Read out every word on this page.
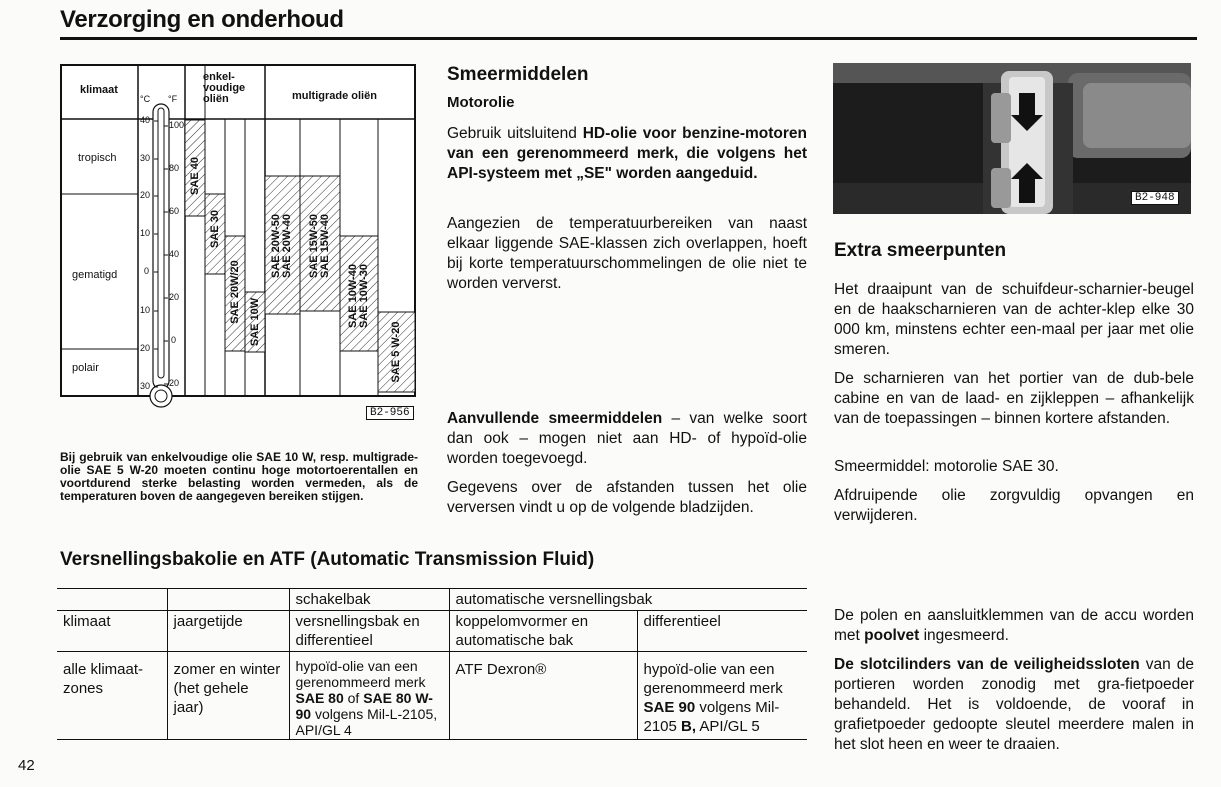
Verzorging en onderhoud
klimaat
°C °F
enkel-
voudige
oliën	multigrade oliën
tropisch
gematigd
polair
40
30
20
10
0
10
20
30
100
80
60
40
20
0
20
SAE 40
SAE 30
SAE 20W/20 SAE 10W
SAE 20W-50
SAE 20W-40
SAE 15W-50
SAE 15W-40
SAE 10W-40
SAE 10W-30
SAE 5 W-20
B2-956
Bij gebruik van enkelvoudige olie SAE 10 W, resp. multigrade-olie SAE 5 W-20 moeten continu hoge motortoerentallen en voortdurend sterke belasting worden vermeden, als de temperaturen boven de aangegeven bereiken stijgen.
Smeermiddelen
Motorolie
Gebruik uitsluitend HD-olie voor benzine-motoren van een gerenommeerd merk, die volgens het API-systeem met „SE" worden aangeduid.
Aangezien de temperatuurbereiken van naast elkaar liggende SAE-klassen zich overlappen, hoeft bij korte temperatuurschommelingen de olie niet te worden ververst.
Aanvullende smeermiddelen – van welke soort dan ook – mogen niet aan HD- of hypoïd-olie worden toegevoegd.
Gegevens over de afstanden tussen het olie verversen vindt u op de volgende bladzijden.
B2-948
Extra smeerpunten
Het draaipunt van de schuifdeur-scharnier-beugel en de haakscharnieren van de achter-klep elke 30 000 km, minstens echter een-maal per jaar met olie smeren.
De scharnieren van het portier van de dub-bele cabine en van de laad- en zijkleppen – afhankelijk van de toepassingen – binnen kortere afstanden.
Smeermiddel: motorolie SAE 30.
Afdruipende olie zorgvuldig opvangen en verwijderen.
De polen en aansluitklemmen van de accu worden met poolvet ingesmeerd.
De slotcilinders van de veiligheidssloten van de portieren worden zonodig met gra-fietpoeder behandeld. Het is voldoende, de vooraf in grafietpoeder gedoopte sleutel meerdere malen in het slot heen en weer te draaien.
Versnellingsbakolie en ATF (Automatic Transmission Fluid)
		schakelbak	automatische versnellingsbak	
klimaat	jaargetijde	versnellingsbak en differentieel	koppelomvormer en automatische bak	differentieel
alle klimaat-zones	zomer en winter (het gehele jaar)	hypoïd-olie van een gerenommeerd merk SAE 80 of SAE 80 W-90 volgens Mil-L-2105, API/GL 4	ATF Dexron®	hypoïd-olie van een gerenommeerd merk
SAE 90 volgens Mil-2105 B, API/GL 5
42
